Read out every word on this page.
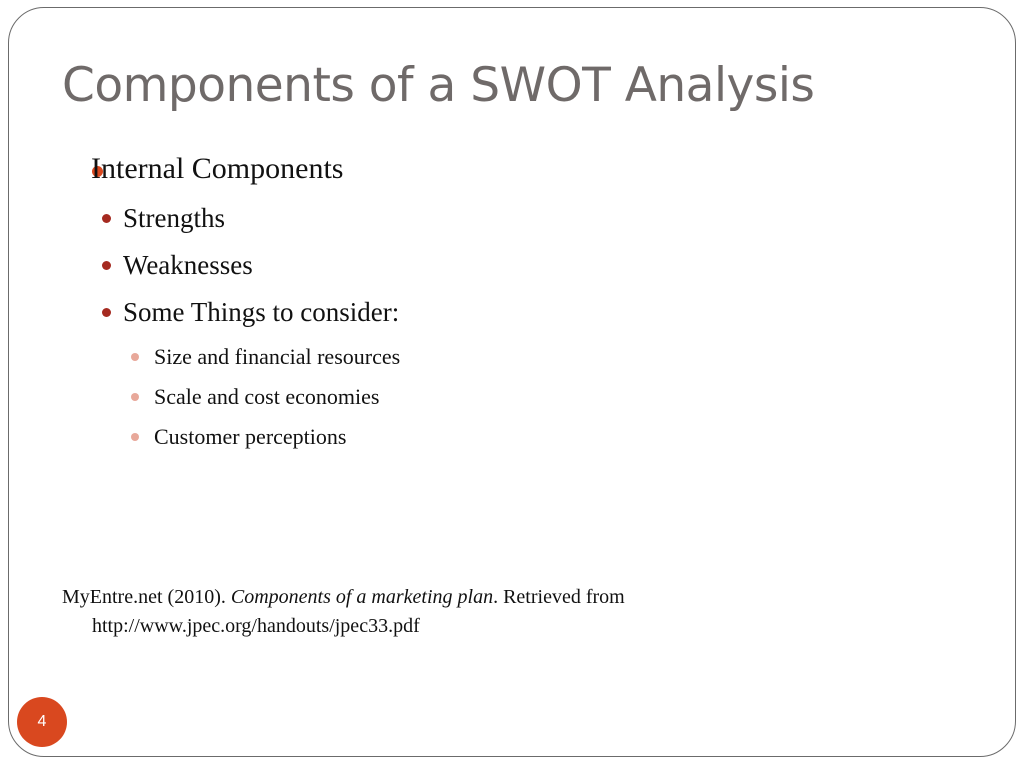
Components of a SWOT Analysis
Internal Components
Strengths
Weaknesses
Some Things to consider:
Size and financial resources
Scale and cost economies
Customer perceptions
MyEntre.net (2010). Components of a marketing plan. Retrieved from
http://www.jpec.org/handouts/jpec33.pdf
4
